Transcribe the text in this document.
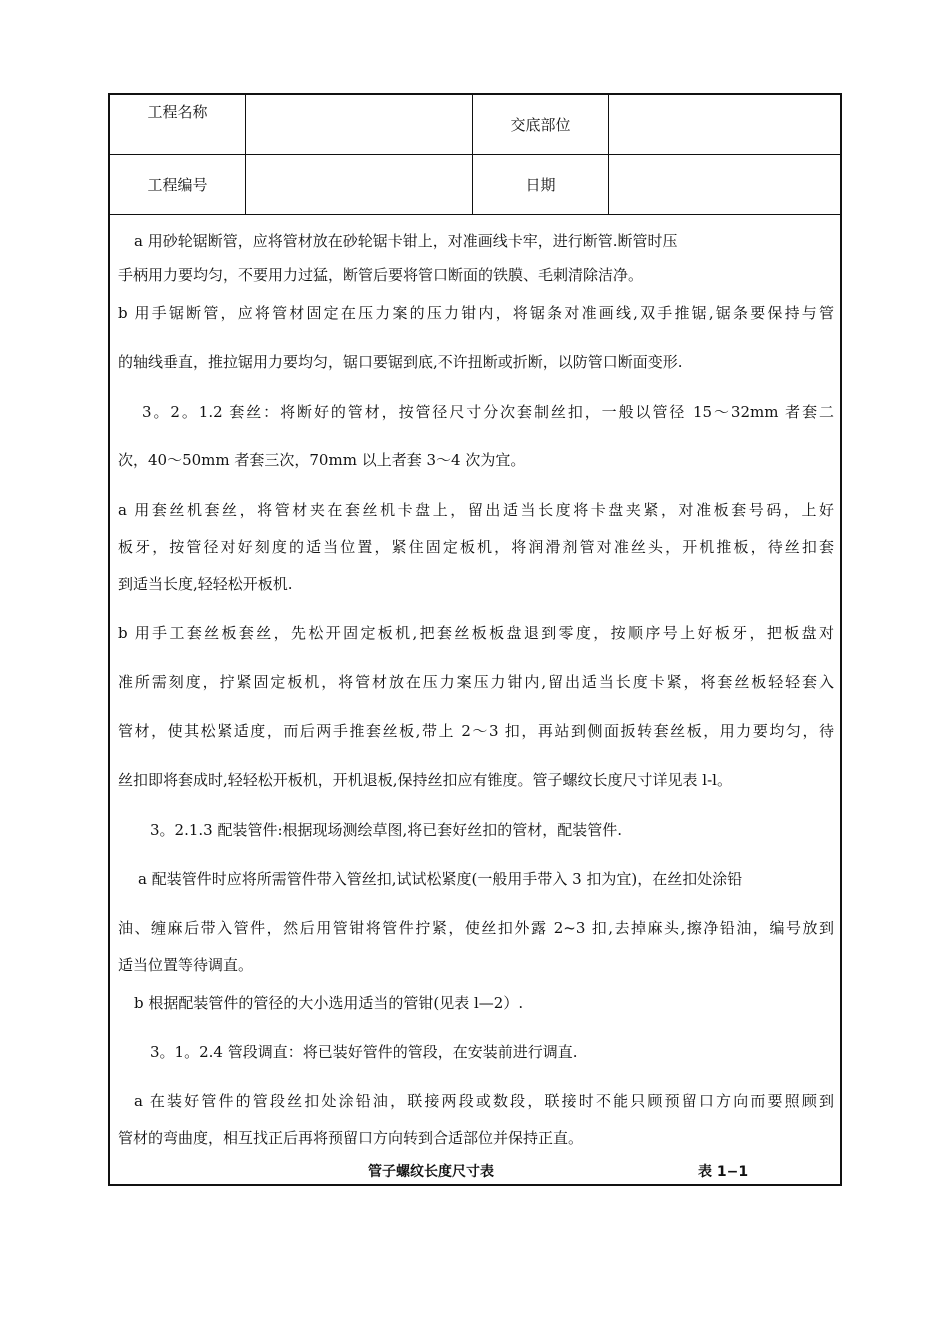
工程名称
交底部位
工程编号	日期
a 用砂轮锯断管，应将管材放在砂轮锯卡钳上，对准画线卡牢，进行断管.断管时压
手柄用力要均匀，不要用力过猛，断管后要将管口断面的铁膜、毛刺清除洁净。
b 用手锯断管，应将管材固定在压力案的压力钳内，将锯条对准画线,双手推锯,锯条要保持与管
的轴线垂直，推拉锯用力要均匀，锯口要锯到底,不许扭断或折断，以防管口断面变形.
3。2。1.2 套丝：将断好的管材，按管径尺寸分次套制丝扣，一般以管径 15～32mm 者套二
次，40～50mm 者套三次，70mm 以上者套 3～4 次为宜。
a 用套丝机套丝，将管材夹在套丝机卡盘上，留出适当长度将卡盘夹紧，对准板套号码，上好
板牙，按管径对好刻度的适当位置，紧住固定板机，将润滑剂管对准丝头，开机推板，待丝扣套
到适当长度,轻轻松开板机.
b 用手工套丝板套丝，先松开固定板机,把套丝板板盘退到零度，按顺序号上好板牙，把板盘对
准所需刻度，拧紧固定板机，将管材放在压力案压力钳内,留出适当长度卡紧，将套丝板轻轻套入
管材，使其松紧适度，而后两手推套丝板,带上 2～3 扣，再站到侧面扳转套丝板，用力要均匀，待
丝扣即将套成时,轻轻松开板机，开机退板,保持丝扣应有锥度。管子螺纹长度尺寸详见表 l-l。
3。2.1.3 配装管件:根据现场测绘草图,将已套好丝扣的管材，配装管件.
a 配装管件时应将所需管件带入管丝扣,试试松紧度(一般用手带入 3 扣为宜)，在丝扣处涂铅
油、缠麻后带入管件，然后用管钳将管件拧紧，使丝扣外露 2~3 扣,去掉麻头,擦净铅油，编号放到
适当位置等待调直。
b 根据配装管件的管径的大小选用适当的管钳(见表 l—2）.
3。1。2.4 管段调直：将已装好管件的管段，在安装前进行调直.
a 在装好管件的管段丝扣处涂铅油，联接两段或数段，联接时不能只顾预留口方向而要照顾到
管材的弯曲度，相互找正后再将预留口方向转到合适部位并保持正直。
管子螺纹长度尺寸表	表 1−1
